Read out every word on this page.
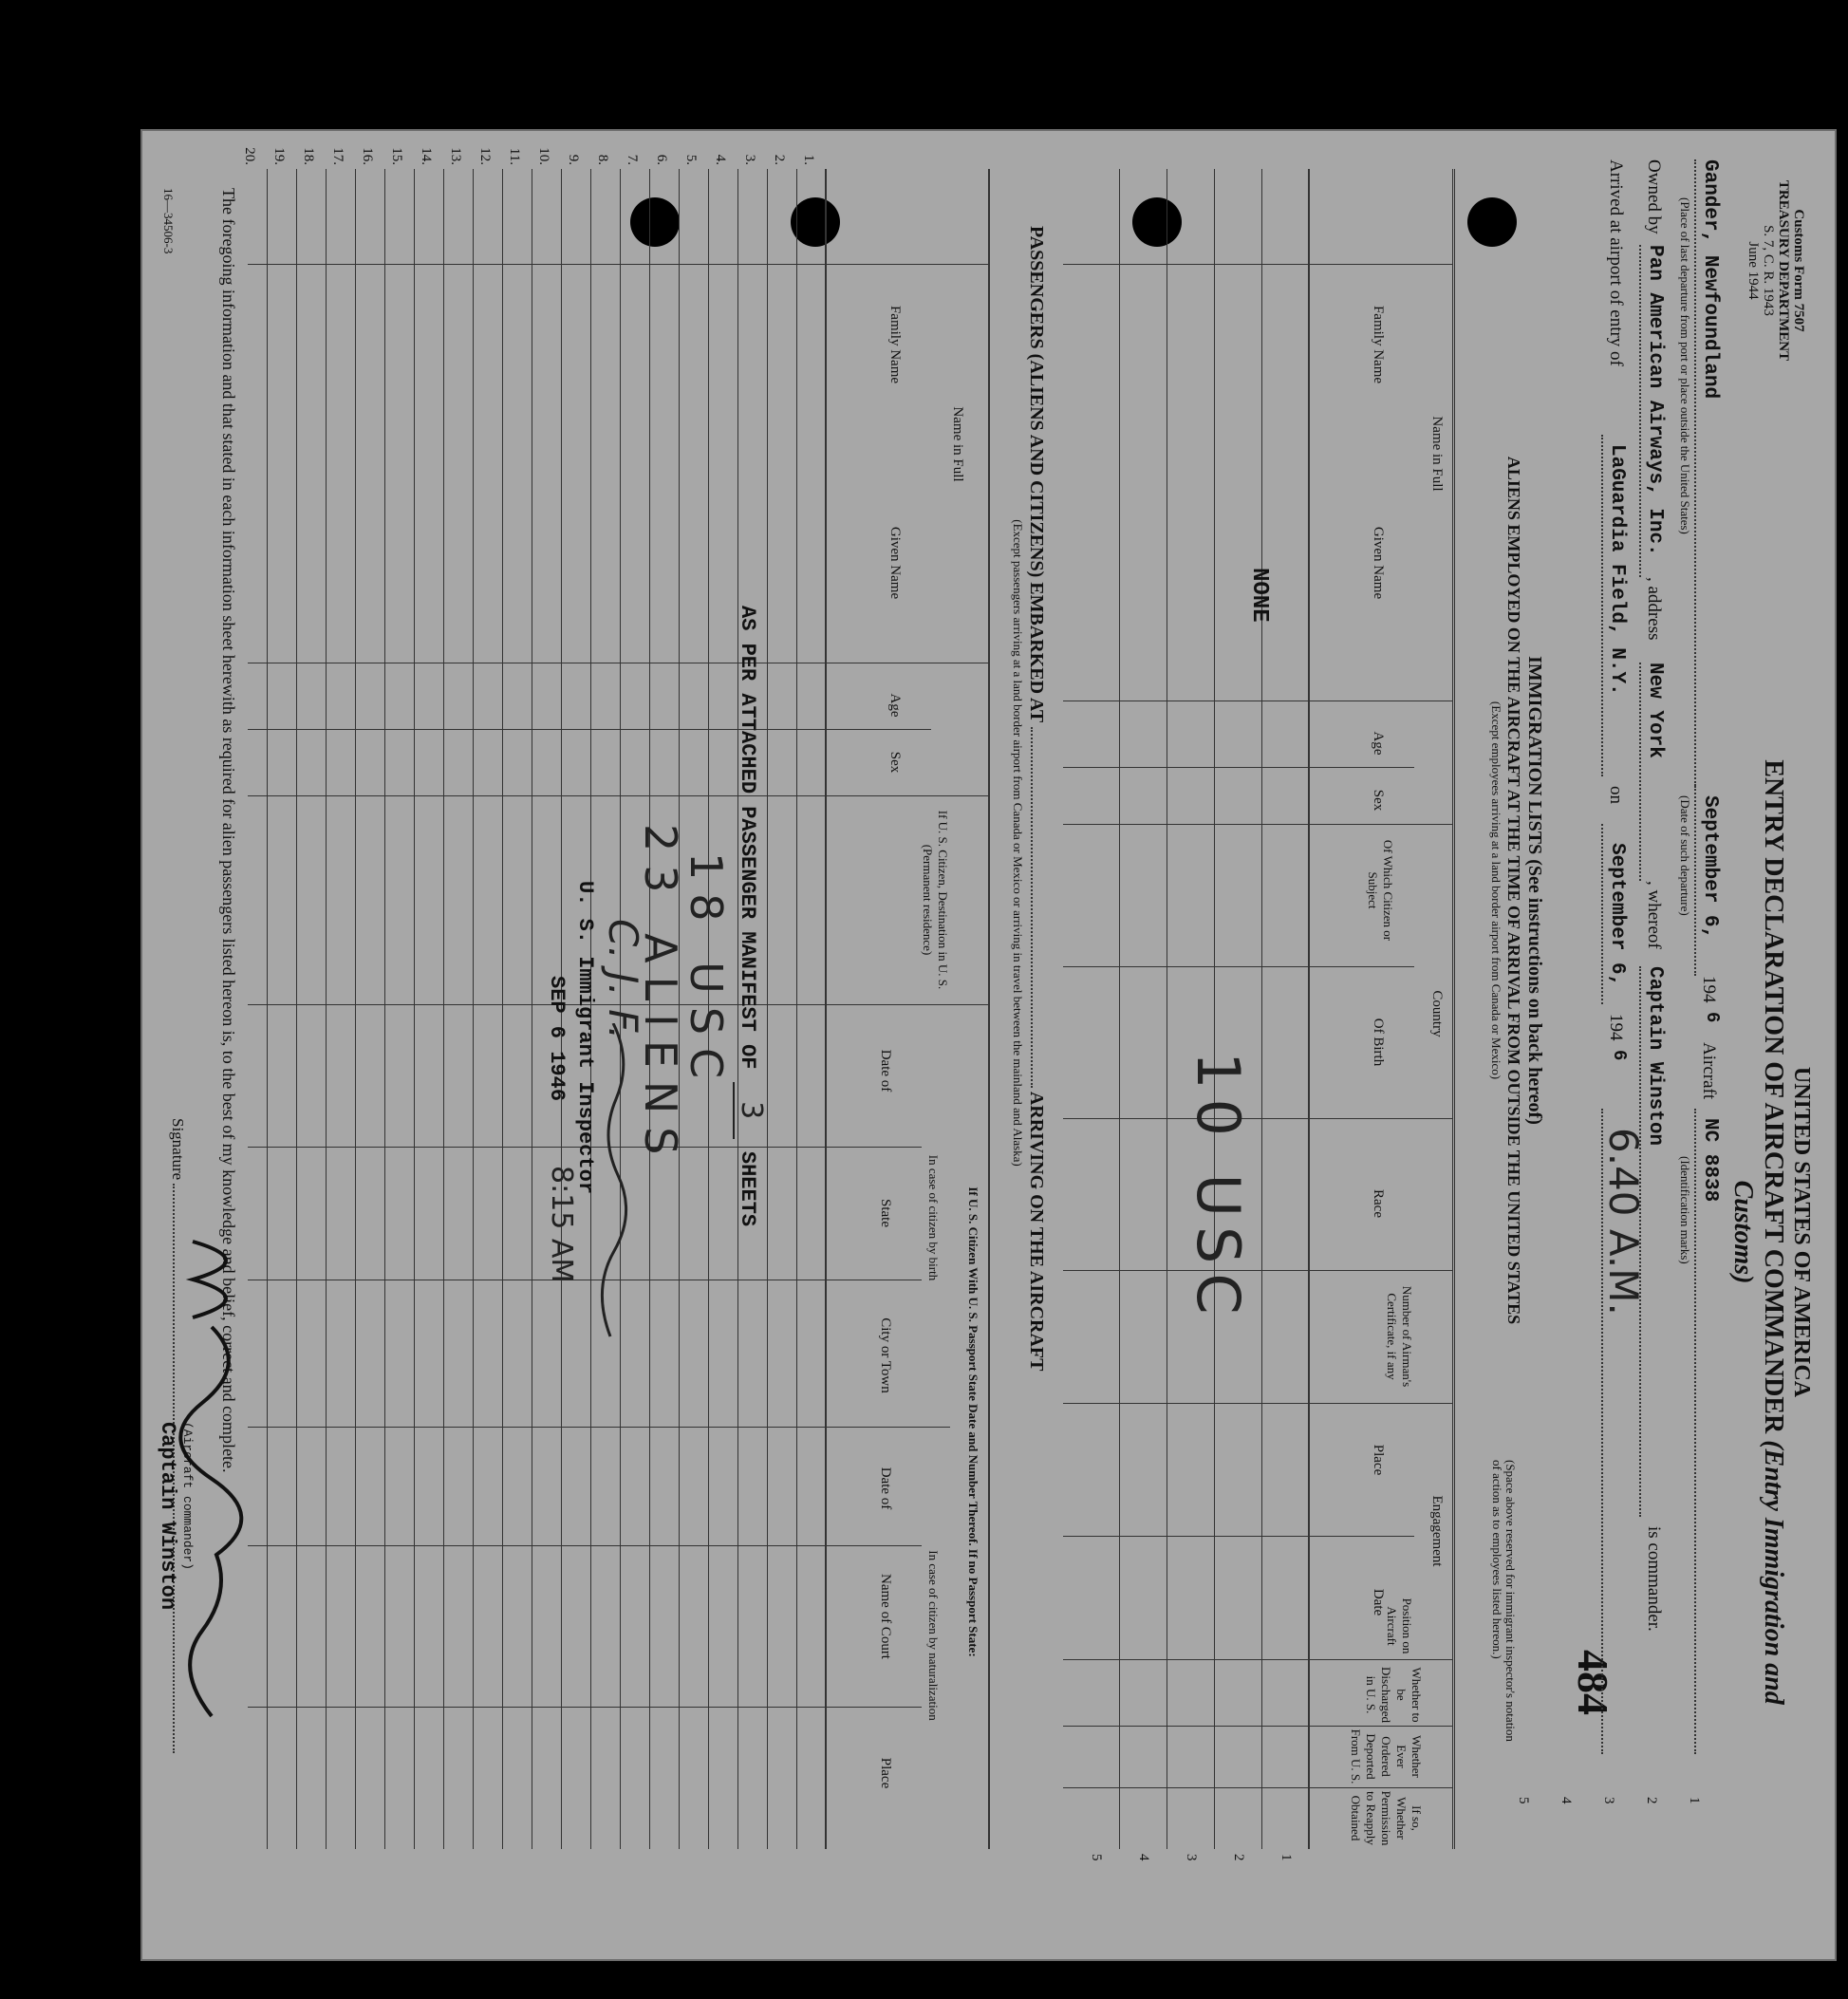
Customs Form 7507
TREASURY DEPARTMENT
S. 7, C. R. 1943
June 1944
UNITED STATES OF AMERICA
ENTRY DECLARATION OF AIRCRAFT COMMANDER (Entry Immigration and Customs)
484
Gander, Newfoundland
September 6,
194
6
Aircraft
NC 8838
(Place of last departure from port or place outside the United States)
(Date of such departure)
(Identification marks)
Owned by
Pan American Airways, Inc.
, address
New York
, whereof
Captain Winston
is commander.
Arrived at airport of entry of
LaGuardia Field, N.Y.
on
September 6,
194
6
6.40 A.M.
1
2
3
4
5
IMMIGRATION LISTS (See instructions on back hereof)
ALIENS EMPLOYED ON THE AIRCRAFT AT THE TIME OF ARRIVAL FROM OUTSIDE THE UNITED STATES
(Except employees arriving at a land border airport from Canada or Mexico)
(Space above reserved for immigrant inspector's notation of action as to employees listed hereon.)
Name in Full
Family Name
Given Name
Age
Sex
Country
Of Which Citizen or Subject
Of Birth
Race
Number of Airman's Certificate, if any
Engagement
Place
Date	Position on Aircraft
Whether to be Discharged in U. S.
Whether Ever Ordered Deported From U. S.
If so, Whether Permission to Reapply Obtained
1
2
3
4
5
NONE
10 USC
PASSENGERS (ALIENS AND CITIZENS) EMBARKED AT  ARRIVING ON THE AIRCRAFT
(Except passengers arriving at a land border airport from Canada or Mexico or arriving in travel between the mainland and Alaska)
Name in Full
Family Name
Given Name
Age
Sex
If U. S. Citizen, Destination in U. S. (Permanent residence)
If U. S. Citizen With U. S. Passport State Date and Number Thereof. If no Passport State:
In case of citizen by birth
In case of citizen by naturalization
Date of
State
City or Town
Date of
Name of Court
Place
1.
2.
3.
4.
5.
6.
7.
8.
9.
10.
11.
12.
13.
14.
15.
16.
17.
18.
19.
20.
AS PER ATTACHED PASSENGER MANIFEST OF 3 SHEETS
18 USC
23 ALIENS
C. J. F.
U. S. Immigrant Inspector
SEP 6 1946
8:15 AM
The foregoing information and that stated in each information sheet herewith as required for alien passengers listed hereon is, to the best of my knowledge and belief, correct and complete.
Signature
(Aircraft commander)
Captain Winston
16—34506-3
